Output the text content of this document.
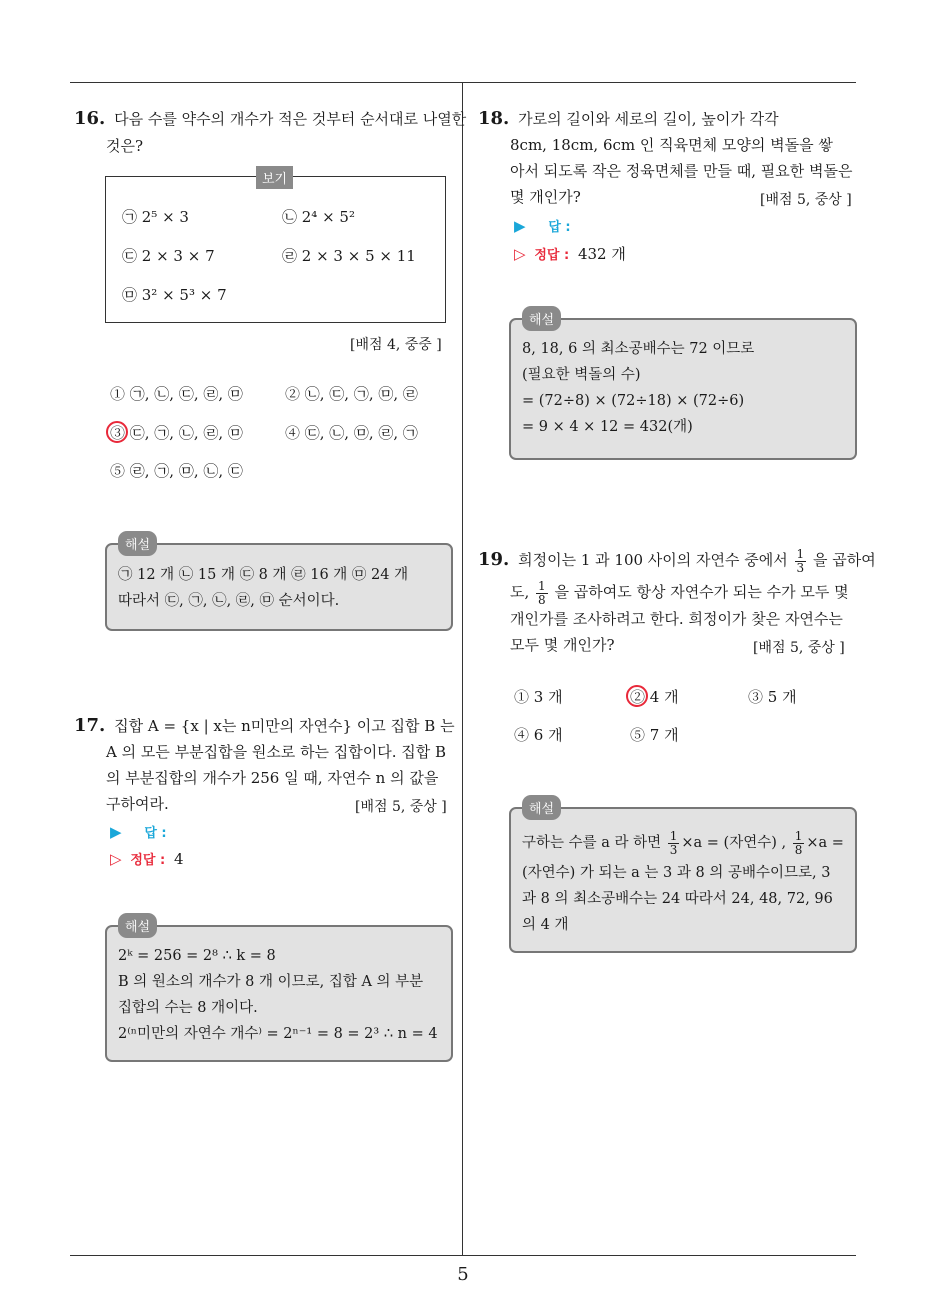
5
16. 다음 수를 약수의 개수가 적은 것부터 순서대로 나열한
것은?
보기
㉠ 2⁵ × 3	㉡ 2⁴ × 5²
㉢ 2 × 3 × 7	㉣ 2 × 3 × 5 × 11
㉤ 3² × 5³ × 7
[배점 4, 중중 ]
① ㉠, ㉡, ㉢, ㉣, ㉤	② ㉡, ㉢, ㉠, ㉤, ㉣
③ ㉢, ㉠, ㉡, ㉣, ㉤	④ ㉢, ㉡, ㉤, ㉣, ㉠
⑤ ㉣, ㉠, ㉤, ㉡, ㉢
해설
㉠ 12 개 ㉡ 15 개 ㉢ 8 개 ㉣ 16 개 ㉤ 24 개
따라서 ㉢, ㉠, ㉡, ㉣, ㉤ 순서이다.
17. 집합 A = {x | x는 n미만의 자연수} 이고 집합 B 는
A 의 모든 부분집합을 원소로 하는 집합이다. 집합 B
의 부분집합의 개수가 256 일 때, 자연수 n 의 값을
구하여라.	[배점 5, 중상 ]
▶ 답 :
▷ 정답 : 4
해설
2ᵏ = 256 = 2⁸ ∴ k = 8
B 의 원소의 개수가 8 개 이므로, 집합 A 의 부분
집합의 수는 8 개이다.
2⁽ⁿ미만의 자연수 개수⁾ = 2ⁿ⁻¹ = 8 = 2³ ∴ n = 4
18. 가로의 길이와 세로의 길이, 높이가 각각
8cm, 18cm, 6cm 인 직육면체 모양의 벽돌을 쌓
아서 되도록 작은 정육면체를 만들 때, 필요한 벽돌은
몇 개인가?	[배점 5, 중상 ]
▶ 답 :
▷ 정답 : 432 개
해설
8, 18, 6 의 최소공배수는 72 이므로
(필요한 벽돌의 수)
= (72÷8) × (72÷18) × (72÷6)
= 9 × 4 × 12 = 432(개)
19. 희정이는 1 과 100 사이의 자연수 중에서 $\frac{1}{3}$ 을 곱하여
도, $\frac{1}{8}$ 을 곱하여도 항상 자연수가 되는 수가 모두 몇
개인가를 조사하려고 한다. 희정이가 찾은 자연수는
모두 몇 개인가?	[배점 5, 중상 ]
① 3 개	② 4 개	③ 5 개
④ 6 개	⑤ 7 개
해설
구하는 수를 a 라 하면 $\frac{1}{3} \times a$ = (자연수) , $\frac{1}{8} \times a$ =
(자연수) 가 되는 a 는 3 과 8 의 공배수이므로, 3
과 8 의 최소공배수는 24 따라서 24, 48, 72, 96
의 4 개
